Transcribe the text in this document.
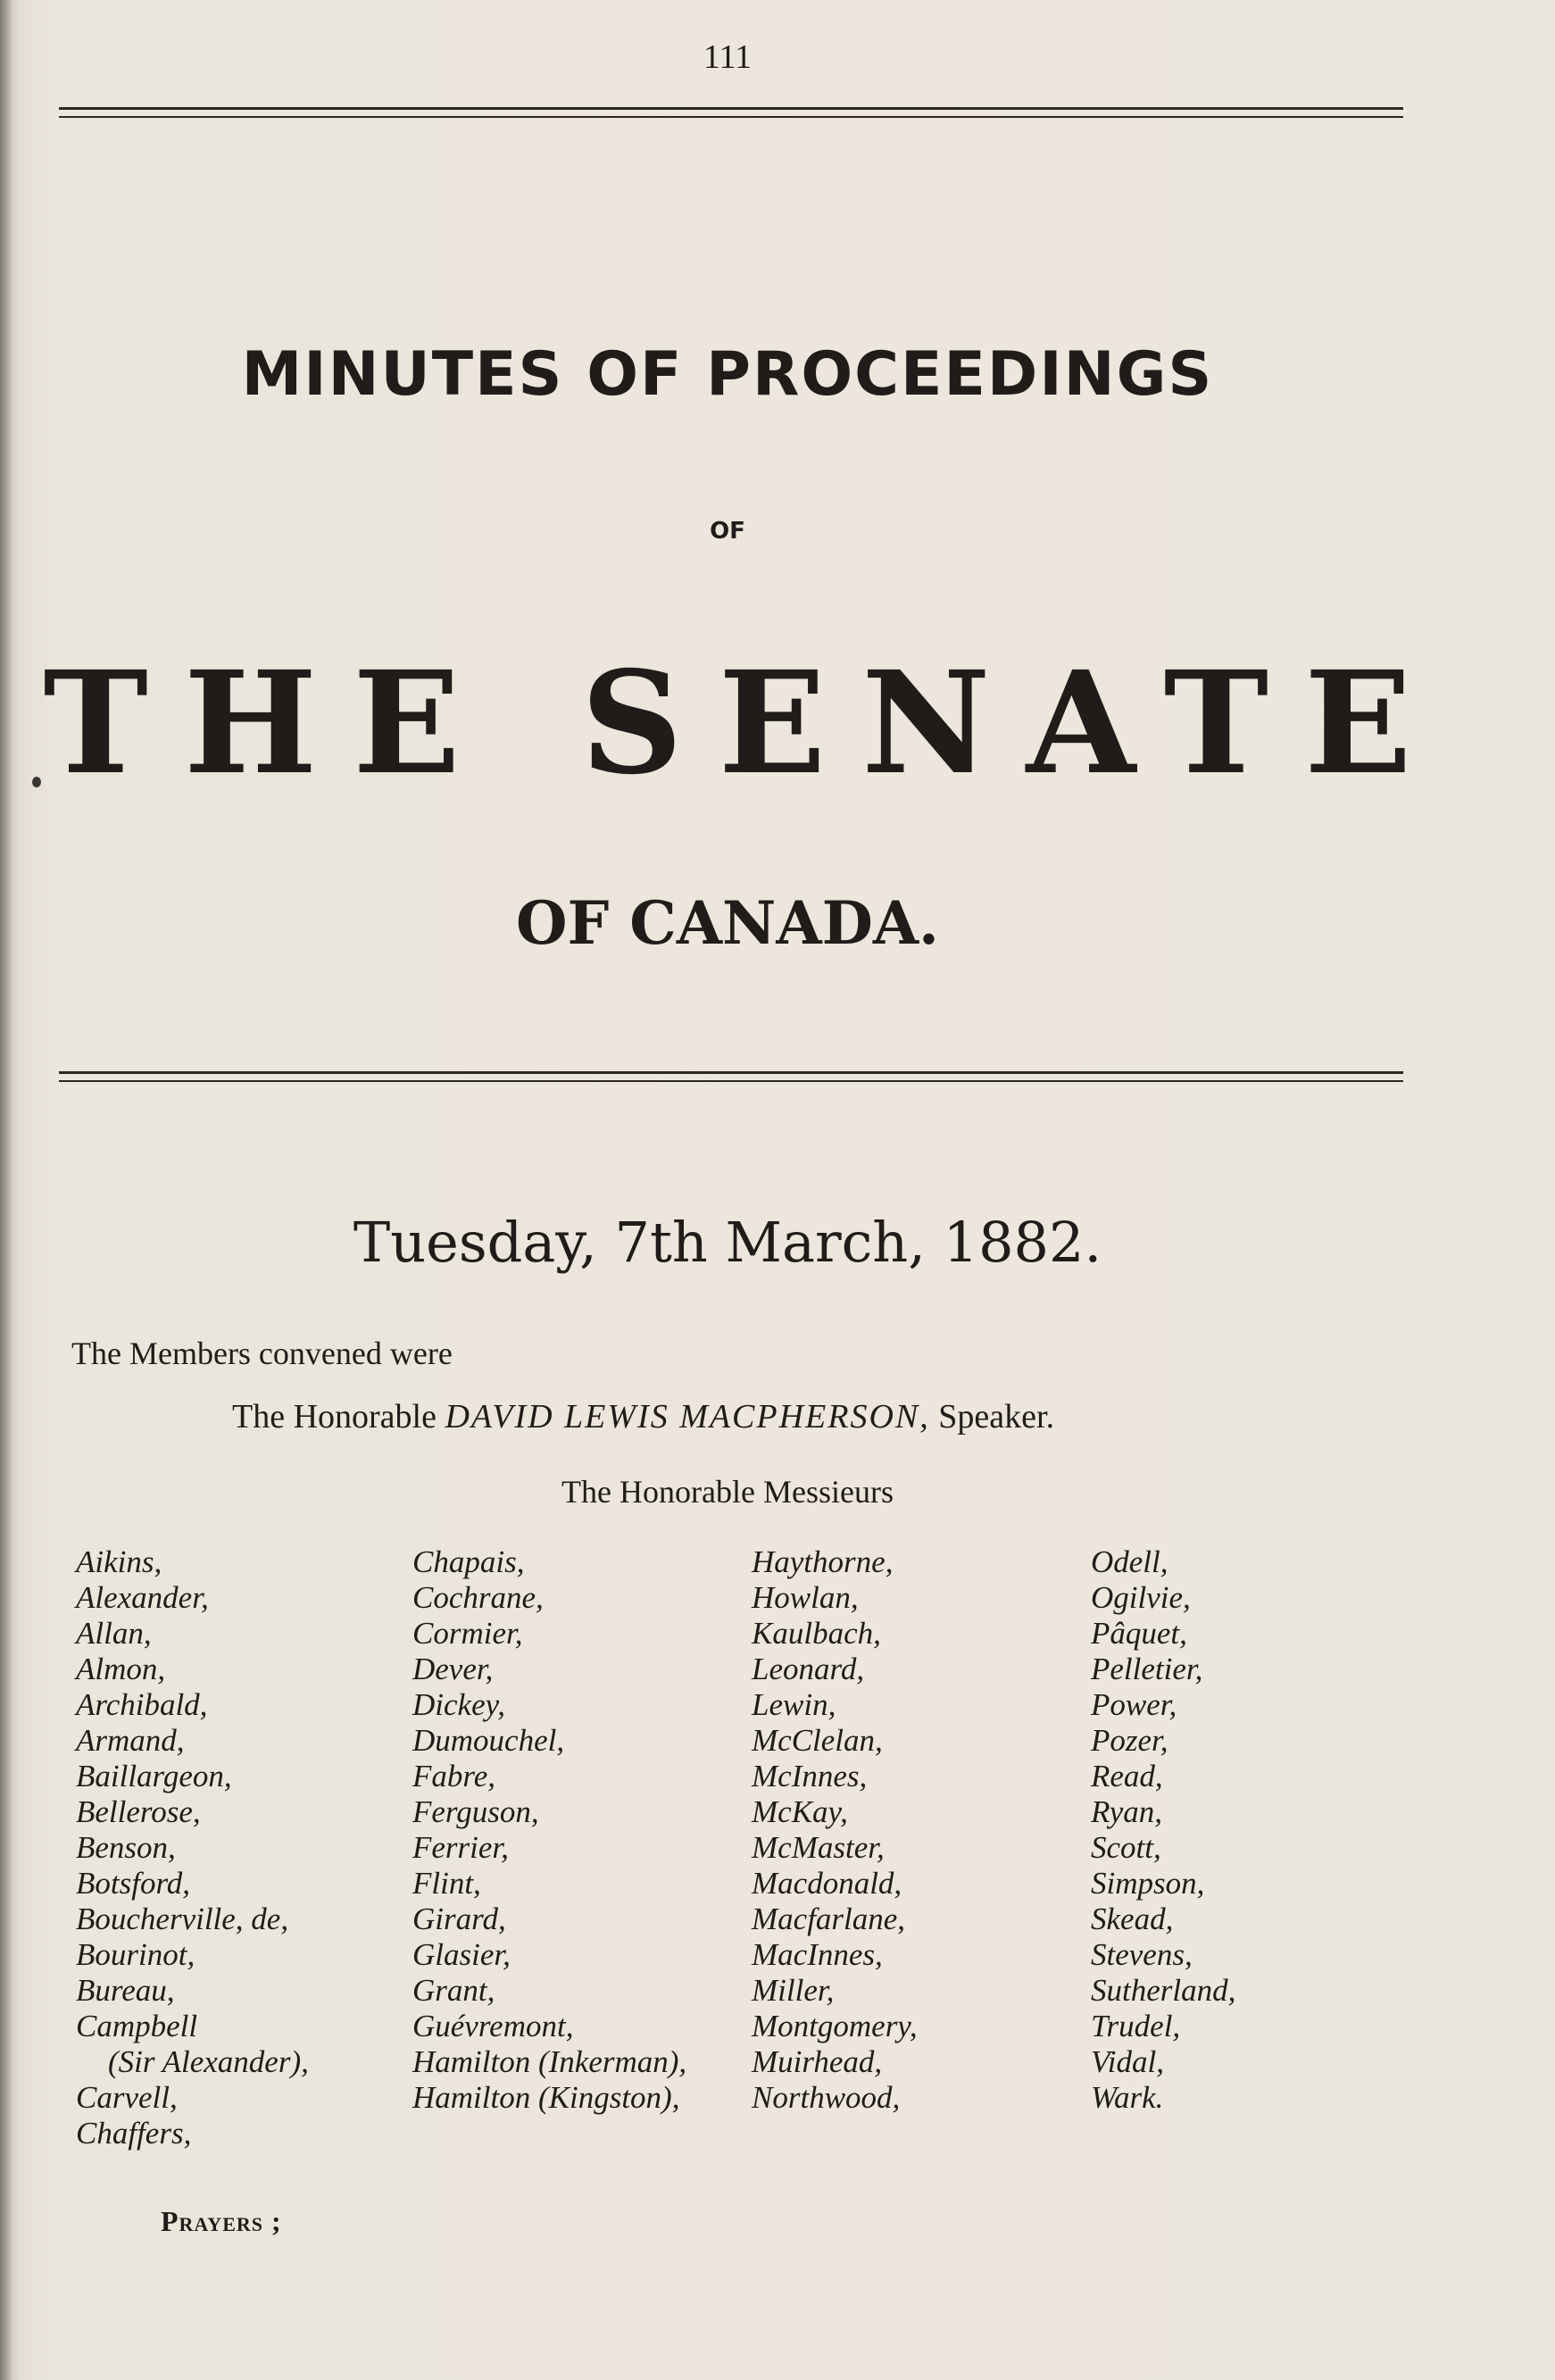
111
MINUTES OF PROCEEDINGS
OF
THE SENATE
OF CANADA.
Tuesday, 7th March, 1882.
The Members convened were
The Honorable DAVID LEWIS MACPHERSON, Speaker.
The Honorable Messieurs
Aikins,
Alexander,
Allan,
Almon,
Archibald,
Armand,
Baillargeon,
Bellerose,
Benson,
Botsford,
Boucherville, de,
Bourinot,
Bureau,
Campbell
(Sir Alexander),
Carvell,
Chaffers,
Chapais,
Cochrane,
Cormier,
Dever,
Dickey,
Dumouchel,
Fabre,
Ferguson,
Ferrier,
Flint,
Girard,
Glasier,
Grant,
Guévremont,
Hamilton (Inkerman),
Hamilton (Kingston),
Haythorne,
Howlan,
Kaulbach,
Leonard,
Lewin,
McClelan,
McInnes,
McKay,
McMaster,
Macdonald,
Macfarlane,
MacInnes,
Miller,
Montgomery,
Muirhead,
Northwood,
Odell,
Ogilvie,
Pâquet,
Pelletier,
Power,
Pozer,
Read,
Ryan,
Scott,
Simpson,
Skead,
Stevens,
Sutherland,
Trudel,
Vidal,
Wark.
Prayers ;
